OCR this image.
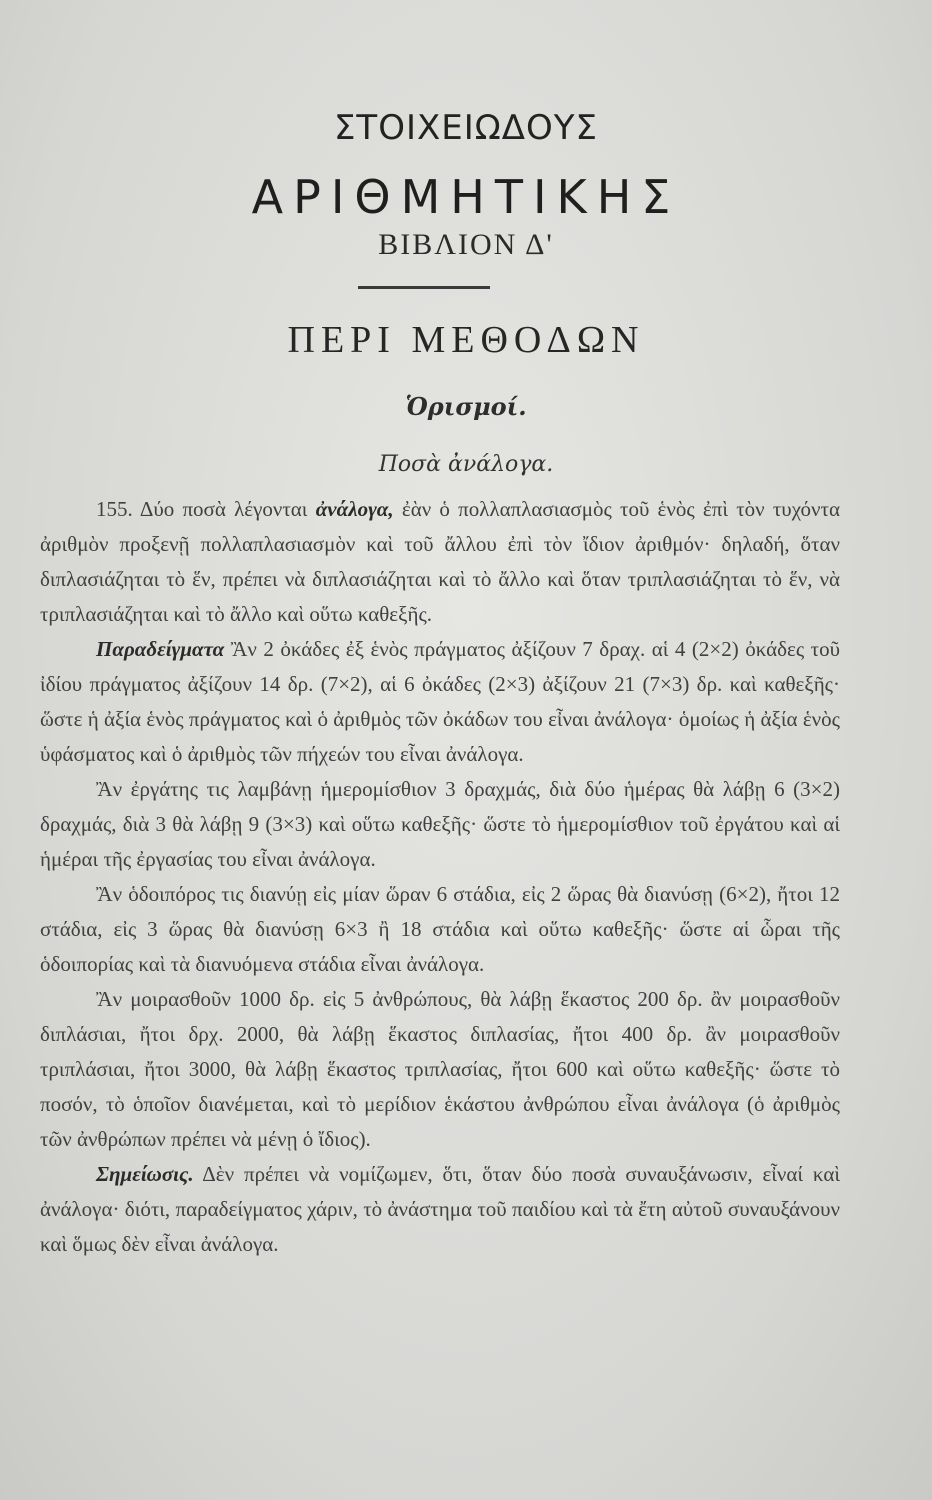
ΣΤΟΙΧΕΙΩΔΟΥΣ
ΑΡΙΘΜΗΤΙΚΗΣ
ΒΙΒΛΙΟΝ Δ'
ΠΕΡΙ ΜΕΘΟΔΩΝ
Ὁρισμοί.
Ποσὰ ἀνάλογα.

155. Δύο ποσὰ λέγονται ἀνάλογα, ἐὰν ὁ πολλαπλασιασμὸς τοῦ ἑνὸς ἐπὶ τὸν τυχόντα ἀριθμὸν προξενῇ πολλαπλασιασμὸν καὶ τοῦ ἄλλου ἐπὶ τὸν ἴδιον ἀριθμόν· δηλαδή, ὅταν διπλασιάζηται τὸ ἕν, πρέπει νὰ διπλασιάζηται καὶ τὸ ἄλλο καὶ ὅταν τριπλασιάζηται τὸ ἕν, νὰ τριπλασιάζηται καὶ τὸ ἄλλο καὶ οὕτω καθεξῆς.

Παραδείγματα Ἂν 2 ὀκάδες ἐξ ἑνὸς πράγματος ἀξίζουν 7 δραχ. αἱ 4 (2×2) ὀκάδες τοῦ ἰδίου πράγματος ἀξίζουν 14 δρ. (7×2), αἱ 6 ὀκάδες (2×3) ἀξίζουν 21 (7×3) δρ. καὶ καθεξῆς· ὥστε ἡ ἀξία ἑνὸς πράγματος καὶ ὁ ἀριθμὸς τῶν ὀκάδων του εἶναι ἀνάλογα· ὁμοίως ἡ ἀξία ἑνὸς ὑφάσματος καὶ ὁ ἀριθμὸς τῶν πήχεών του εἶναι ἀνάλογα.

Ἂν ἐργάτης τις λαμβάνῃ ἡμερομίσθιον 3 δραχμάς, διὰ δύο ἡμέρας θὰ λάβῃ 6 (3×2) δραχμάς, διὰ 3 θὰ λάβῃ 9 (3×3) καὶ οὕτω καθεξῆς· ὥστε τὸ ἡμερομίσθιον τοῦ ἐργάτου καὶ αἱ ἡμέραι τῆς ἐργασίας του εἶναι ἀνάλογα.

Ἂν ὁδοιπόρος τις διανύῃ εἰς μίαν ὥραν 6 στάδια, εἰς 2 ὥρας θὰ διανύσῃ (6×2), ἤτοι 12 στάδια, εἰς 3 ὥρας θὰ διανύσῃ 6×3 ἢ 18 στάδια καὶ οὕτω καθεξῆς· ὥστε αἱ ὧραι τῆς ὁδοιπορίας καὶ τὰ διανυόμενα στάδια εἶναι ἀνάλογα.

Ἂν μοιρασθοῦν 1000 δρ. εἰς 5 ἀνθρώπους, θὰ λάβῃ ἕκαστος 200 δρ. ἂν μοιρασθοῦν διπλάσιαι, ἤτοι δρχ. 2000, θὰ λάβῃ ἕκαστος διπλασίας, ἤτοι 400 δρ. ἂν μοιρασθοῦν τριπλάσιαι, ἤτοι 3000, θὰ λάβῃ ἕκαστος τριπλασίας, ἤτοι 600 καὶ οὕτω καθεξῆς· ὥστε τὸ ποσόν, τὸ ὁποῖον διανέμεται, καὶ τὸ μερίδιον ἑκάστου ἀνθρώπου εἶναι ἀνάλογα (ὁ ἀριθμὸς τῶν ἀνθρώπων πρέπει νὰ μένῃ ὁ ἴδιος).

Σημείωσις. Δὲν πρέπει νὰ νομίζωμεν, ὅτι, ὅταν δύο ποσὰ συναυξάνωσιν, εἶναί καὶ ἀνάλογα· διότι, παραδείγματος χάριν, τὸ ἀνάστημα τοῦ παιδίου καὶ τὰ ἔτη αὐτοῦ συναυξάνουν καὶ ὅμως δὲν εἶναι ἀνάλογα.
